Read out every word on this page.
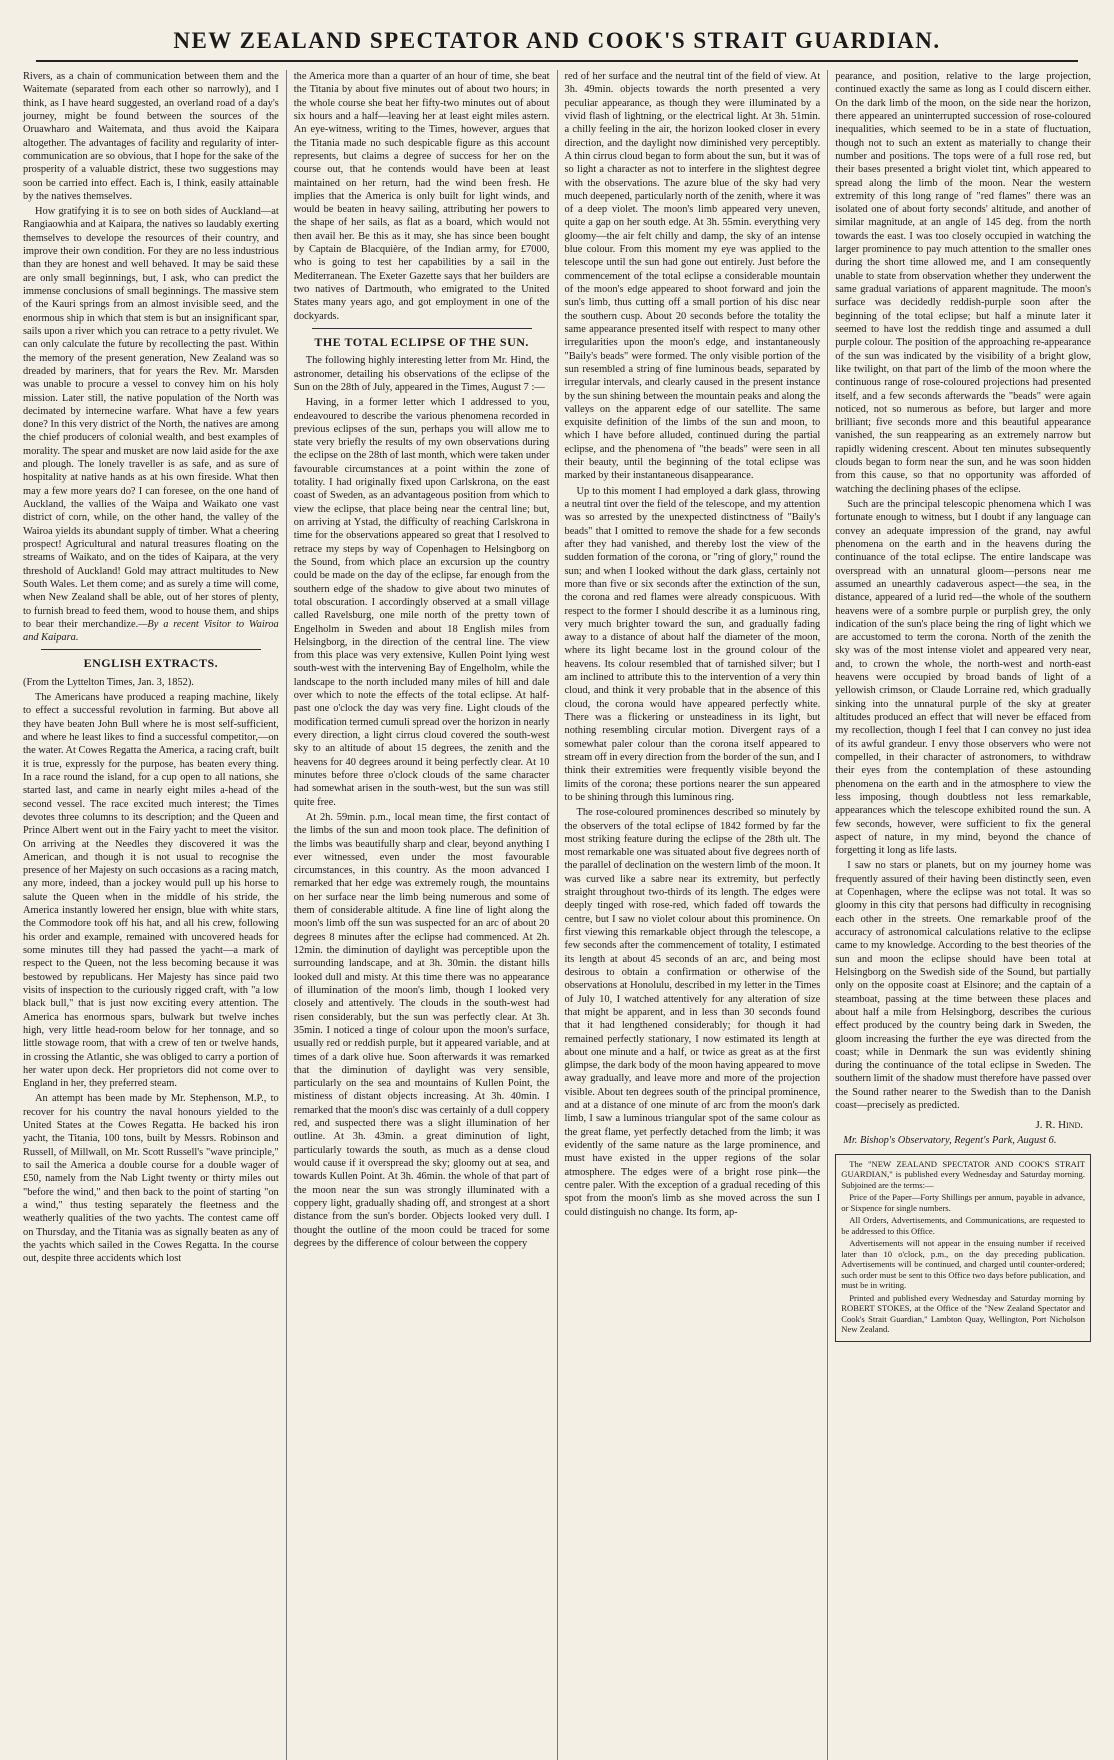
NEW ZEALAND SPECTATOR AND COOK'S STRAIT GUARDIAN.

Rivers, as a chain of communication between them and the Waitemate (separated from each other so narrowly), and I think, as I have heard suggested, an overland road of a day's journey, might be found between the sources of the Oruawharo and Waitemata, and thus avoid the Kaipara altogether. The advantages of facility and regularity of inter-communication are so obvious, that I hope for the sake of the prosperity of a valuable district, these two suggestions may soon be carried into effect. Each is, I think, easily attainable by the natives themselves.

How gratifying it is to see on both sides of Auckland—at Rangiaowhia and at Kaipara, the natives so laudably exerting themselves to develope the resources of their country, and improve their own condition. For they are no less industrious than they are honest and well behaved. It may be said these are only small beginnings, but, I ask, who can predict the immense conclusions of small beginnings. The massive stem of the Kauri springs from an almost invisible seed, and the enormous ship in which that stem is but an insignificant spar, sails upon a river which you can retrace to a petty rivulet. We can only calculate the future by recollecting the past. Within the memory of the present generation, New Zealand was so dreaded by mariners, that for years the Rev. Mr. Marsden was unable to procure a vessel to convey him on his holy mission. Later still, the native population of the North was decimated by internecine warfare. What have a few years done? In this very district of the North, the natives are among the chief producers of colonial wealth, and best examples of morality. The spear and musket are now laid aside for the axe and plough. The lonely traveller is as safe, and as sure of hospitality at native hands as at his own fireside. What then may a few more years do? I can foresee, on the one hand of Auckland, the vallies of the Waipa and Waikato one vast district of corn, while, on the other hand, the valley of the Wairoa yields its abundant supply of timber. What a cheering prospect! Agricultural and natural treasures floating on the streams of Waikato, and on the tides of Kaipara, at the very threshold of Auckland! Gold may attract multitudes to New South Wales. Let them come; and as surely a time will come, when New Zealand shall be able, out of her stores of plenty, to furnish bread to feed them, wood to house them, and ships to bear their merchandize.—By a recent Visitor to Wairoa and Kaipara.

ENGLISH EXTRACTS.

(From the Lyttelton Times, Jan. 3, 1852).

The Americans have produced a reaping machine, likely to effect a successful revolution in farming. But above all they have beaten John Bull where he is most self-sufficient, and where he least likes to find a successful competitor,—on the water. At Cowes Regatta the America, a racing craft, built it is true, expressly for the purpose, has beaten every thing. In a race round the island, for a cup open to all nations, she started last, and came in nearly eight miles a-head of the second vessel. The race excited much interest; the Times devotes three columns to its description; and the Queen and Prince Albert went out in the Fairy yacht to meet the visitor. On arriving at the Needles they discovered it was the American, and though it is not usual to recognise the presence of her Majesty on such occasions as a racing match, any more, indeed, than a jockey would pull up his horse to salute the Queen when in the middle of his stride, the America instantly lowered her ensign, blue with white stars, the Commodore took off his hat, and all his crew, following his order and example, remained with uncovered heads for some minutes till they had passed the yacht—a mark of respect to the Queen, not the less becoming because it was bestowed by republicans. Her Majesty has since paid two visits of inspection to the curiously rigged craft, with "a low black bull," that is just now exciting every attention. The America has enormous spars, bulwark but twelve inches high, very little head-room below for her tonnage, and so little stowage room, that with a crew of ten or twelve hands, in crossing the Atlantic, she was obliged to carry a portion of her water upon deck. Her proprietors did not come over to England in her, they preferred steam.

An attempt has been made by Mr. Stephenson, M.P., to recover for his country the naval honours yielded to the United States at the Cowes Regatta. He backed his iron yacht, the Titania, 100 tons, built by Messrs. Robinson and Russell, of Millwall, on Mr. Scott Russell's "wave principle," to sail the America a double course for a double wager of £50, namely from the Nab Light twenty or thirty miles out "before the wind," and then back to the point of starting "on a wind," thus testing separately the fleetness and the weatherly qualities of the two yachts. The contest came off on Thursday, and the Titania was as signally beaten as any of the yachts which sailed in the Cowes Regatta. In the course out, despite three accidents which lost

the America more than a quarter of an hour of time, she beat the Titania by about five minutes out of about two hours; in the whole course she beat her fifty-two minutes out of about six hours and a half—leaving her at least eight miles astern. An eye-witness, writing to the Times, however, argues that the Titania made no such despicable figure as this account represents, but claims a degree of success for her on the course out, that he contends would have been at least maintained on her return, had the wind been fresh. He implies that the America is only built for light winds, and would be beaten in heavy sailing, attributing her powers to the shape of her sails, as flat as a board, which would not then avail her. Be this as it may, she has since been bought by Captain de Blacquière, of the Indian army, for £7000, who is going to test her capabilities by a sail in the Mediterranean. The Exeter Gazette says that her builders are two natives of Dartmouth, who emigrated to the United States many years ago, and got employment in one of the dockyards.

THE TOTAL ECLIPSE OF THE SUN.

The following highly interesting letter from Mr. Hind, the astronomer, detailing his observations of the eclipse of the Sun on the 28th of July, appeared in the Times, August 7 :—

Having, in a former letter which I addressed to you, endeavoured to describe the various phenomena recorded in previous eclipses of the sun, perhaps you will allow me to state very briefly the results of my own observations during the eclipse on the 28th of last month, which were taken under favourable circumstances at a point within the zone of totality. I had originally fixed upon Carlskrona, on the east coast of Sweden, as an advantageous position from which to view the eclipse, that place being near the central line; but, on arriving at Ystad, the difficulty of reaching Carlskrona in time for the observations appeared so great that I resolved to retrace my steps by way of Copenhagen to Helsingborg on the Sound, from which place an excursion up the country could be made on the day of the eclipse, far enough from the southern edge of the shadow to give about two minutes of total obscuration. I accordingly observed at a small village called Ravelsburg, one mile north of the pretty town of Engelholm in Sweden and about 18 English miles from Helsingborg, in the direction of the central line. The view from this place was very extensive, Kullen Point lying west south-west with the intervening Bay of Engelholm, while the landscape to the north included many miles of hill and dale over which to note the effects of the total eclipse. At half-past one o'clock the day was very fine. Light clouds of the modification termed cumuli spread over the horizon in nearly every direction, a light cirrus cloud covered the south-west sky to an altitude of about 15 degrees, the zenith and the heavens for 40 degrees around it being perfectly clear. At 10 minutes before three o'clock clouds of the same character had somewhat arisen in the south-west, but the sun was still quite free.

At 2h. 59min. p.m., local mean time, the first contact of the limbs of the sun and moon took place. The definition of the limbs was beautifully sharp and clear, beyond anything I ever witnessed, even under the most favourable circumstances, in this country. As the moon advanced I remarked that her edge was extremely rough, the mountains on her surface near the limb being numerous and some of them of considerable altitude. A fine line of light along the moon's limb off the sun was suspected for an arc of about 20 degrees 8 minutes after the eclipse had commenced. At 2h. 12min. the diminution of daylight was perceptible upon the surrounding landscape, and at 3h. 30min. the distant hills looked dull and misty. At this time there was no appearance of illumination of the moon's limb, though I looked very closely and attentively. The clouds in the south-west had risen considerably, but the sun was perfectly clear. At 3h. 35min. I noticed a tinge of colour upon the moon's surface, usually red or reddish purple, but it appeared variable, and at times of a dark olive hue. Soon afterwards it was remarked that the diminution of daylight was very sensible, particularly on the sea and mountains of Kullen Point, the mistiness of distant objects increasing. At 3h. 40min. I remarked that the moon's disc was certainly of a dull coppery red, and suspected there was a slight illumination of her outline. At 3h. 43min. a great diminution of light, particularly towards the south, as much as a dense cloud would cause if it overspread the sky; gloomy out at sea, and towards Kullen Point. At 3h. 46min. the whole of that part of the moon near the sun was strongly illuminated with a coppery light, gradually shading off, and strongest at a short distance from the sun's border. Objects looked very dull. I thought the outline of the moon could be traced for some degrees by the difference of colour between the coppery

red of her surface and the neutral tint of the field of view. At 3h. 49min. objects towards the north presented a very peculiar appearance, as though they were illuminated by a vivid flash of lightning, or the electrical light. At 3h. 51min. a chilly feeling in the air, the horizon looked closer in every direction, and the daylight now diminished very perceptibly. A thin cirrus cloud began to form about the sun, but it was of so light a character as not to interfere in the slightest degree with the observations. The azure blue of the sky had very much deepened, particularly north of the zenith, where it was of a deep violet. The moon's limb appeared very uneven, quite a gap on her south edge. At 3h. 55min. everything very gloomy—the air felt chilly and damp, the sky of an intense blue colour. From this moment my eye was applied to the telescope until the sun had gone out entirely. Just before the commencement of the total eclipse a considerable mountain of the moon's edge appeared to shoot forward and join the sun's limb, thus cutting off a small portion of his disc near the southern cusp. About 20 seconds before the totality the same appearance presented itself with respect to many other irregularities upon the moon's edge, and instantaneously "Baily's beads" were formed. The only visible portion of the sun resembled a string of fine luminous beads, separated by irregular intervals, and clearly caused in the present instance by the sun shining between the mountain peaks and along the valleys on the apparent edge of our satellite. The same exquisite definition of the limbs of the sun and moon, to which I have before alluded, continued during the partial eclipse, and the phenomena of "the beads" were seen in all their beauty, until the beginning of the total eclipse was marked by their instantaneous disappearance.

Up to this moment I had employed a dark glass, throwing a neutral tint over the field of the telescope, and my attention was so arrested by the unexpected distinctness of "Baily's beads" that I omitted to remove the shade for a few seconds after they had vanished, and thereby lost the view of the sudden formation of the corona, or "ring of glory," round the sun; and when I looked without the dark glass, certainly not more than five or six seconds after the extinction of the sun, the corona and red flames were already conspicuous. With respect to the former I should describe it as a luminous ring, very much brighter toward the sun, and gradually fading away to a distance of about half the diameter of the moon, where its light became lost in the ground colour of the heavens. Its colour resembled that of tarnished silver; but I am inclined to attribute this to the intervention of a very thin cloud, and think it very probable that in the absence of this cloud, the corona would have appeared perfectly white. There was a flickering or unsteadiness in its light, but nothing resembling circular motion. Divergent rays of a somewhat paler colour than the corona itself appeared to stream off in every direction from the border of the sun, and I think their extremities were frequently visible beyond the limits of the corona; these portions nearer the sun appeared to be shining through this luminous ring.

The rose-coloured prominences described so minutely by the observers of the total eclipse of 1842 formed by far the most striking feature during the eclipse of the 28th ult. The most remarkable one was situated about five degrees north of the parallel of declination on the western limb of the moon. It was curved like a sabre near its extremity, but perfectly straight throughout two-thirds of its length. The edges were deeply tinged with rose-red, which faded off towards the centre, but I saw no violet colour about this prominence. On first viewing this remarkable object through the telescope, a few seconds after the commencement of totality, I estimated its length at about 45 seconds of an arc, and being most desirous to obtain a confirmation or otherwise of the observations at Honolulu, described in my letter in the Times of July 10, I watched attentively for any alteration of size that might be apparent, and in less than 30 seconds found that it had lengthened considerably; for though it had remained perfectly stationary, I now estimated its length at about one minute and a half, or twice as great as at the first glimpse, the dark body of the moon having appeared to move away gradually, and leave more and more of the projection visible. About ten degrees south of the principal prominence, and at a distance of one minute of arc from the moon's dark limb, I saw a luminous triangular spot of the same colour as the great flame, yet perfectly detached from the limb; it was evidently of the same nature as the large prominence, and must have existed in the upper regions of the solar atmosphere. The edges were of a bright rose pink—the centre paler. With the exception of a gradual receding of this spot from the moon's limb as she moved across the sun I could distinguish no change. Its form, ap-

pearance, and position, relative to the large projection, continued exactly the same as long as I could discern either. On the dark limb of the moon, on the side near the horizon, there appeared an uninterrupted succession of rose-coloured inequalities, which seemed to be in a state of fluctuation, though not to such an extent as materially to change their number and positions. The tops were of a full rose red, but their bases presented a bright violet tint, which appeared to spread along the limb of the moon. Near the western extremity of this long range of "red flames" there was an isolated one of about forty seconds' altitude, and another of similar magnitude, at an angle of 145 deg. from the north towards the east. I was too closely occupied in watching the larger prominence to pay much attention to the smaller ones during the short time allowed me, and I am consequently unable to state from observation whether they underwent the same gradual variations of apparent magnitude. The moon's surface was decidedly reddish-purple soon after the beginning of the total eclipse; but half a minute later it seemed to have lost the reddish tinge and assumed a dull purple colour. The position of the approaching re-appearance of the sun was indicated by the visibility of a bright glow, like twilight, on that part of the limb of the moon where the continuous range of rose-coloured projections had presented itself, and a few seconds afterwards the "beads" were again noticed, not so numerous as before, but larger and more brilliant; five seconds more and this beautiful appearance vanished, the sun reappearing as an extremely narrow but rapidly widening crescent. About ten minutes subsequently clouds began to form near the sun, and he was soon hidden from this cause, so that no opportunity was afforded of watching the declining phases of the eclipse.

Such are the principal telescopic phenomena which I was fortunate enough to witness, but I doubt if any language can convey an adequate impression of the grand, nay awful phenomena on the earth and in the heavens during the continuance of the total eclipse. The entire landscape was overspread with an unnatural gloom—persons near me assumed an unearthly cadaverous aspect—the sea, in the distance, appeared of a lurid red—the whole of the southern heavens were of a sombre purple or purplish grey, the only indication of the sun's place being the ring of light which we are accustomed to term the corona. North of the zenith the sky was of the most intense violet and appeared very near, and, to crown the whole, the north-west and north-east heavens were occupied by broad bands of light of a yellowish crimson, or Claude Lorraine red, which gradually sinking into the unnatural purple of the sky at greater altitudes produced an effect that will never be effaced from my recollection, though I feel that I can convey no just idea of its awful grandeur. I envy those observers who were not compelled, in their character of astronomers, to withdraw their eyes from the contemplation of these astounding phenomena on the earth and in the atmosphere to view the less imposing, though doubtless not less remarkable, appearances which the telescope exhibited round the sun. A few seconds, however, were sufficient to fix the general aspect of nature, in my mind, beyond the chance of forgetting it long as life lasts.

I saw no stars or planets, but on my journey home was frequently assured of their having been distinctly seen, even at Copenhagen, where the eclipse was not total. It was so gloomy in this city that persons had difficulty in recognising each other in the streets. One remarkable proof of the accuracy of astronomical calculations relative to the eclipse came to my knowledge. According to the best theories of the sun and moon the eclipse should have been total at Helsingborg on the Swedish side of the Sound, but partially only on the opposite coast at Elsinore; and the captain of a steamboat, passing at the time between these places and about half a mile from Helsingborg, describes the curious effect produced by the country being dark in Sweden, the gloom increasing the further the eye was directed from the coast; while in Denmark the sun was evidently shining during the continuance of the total eclipse in Sweden. The southern limit of the shadow must therefore have passed over the Sound rather nearer to the Swedish than to the Danish coast—precisely as predicted.

J. R. Hind.
Mr. Bishop's Observatory, Regent's Park, August 6.

The "NEW ZEALAND SPECTATOR AND COOK'S STRAIT GUARDIAN," is published every Wednesday and Saturday morning. Subjoined are the terms:—

Price of the Paper—Forty Shillings per annum, payable in advance, or Sixpence for single numbers.

All Orders, Advertisements, and Communications, are requested to be addressed to this Office.

Advertisements will not appear in the ensuing number if received later than 10 o'clock, p.m., on the day preceding publication. Advertisements will be continued, and charged until counter-ordered; such order must be sent to this Office two days before publication, and must be in writing.

Printed and published every Wednesday and Saturday morning by ROBERT STOKES, at the Office of the "New Zealand Spectator and Cook's Strait Guardian," Lambton Quay, Wellington, Port Nicholson New Zealand.
